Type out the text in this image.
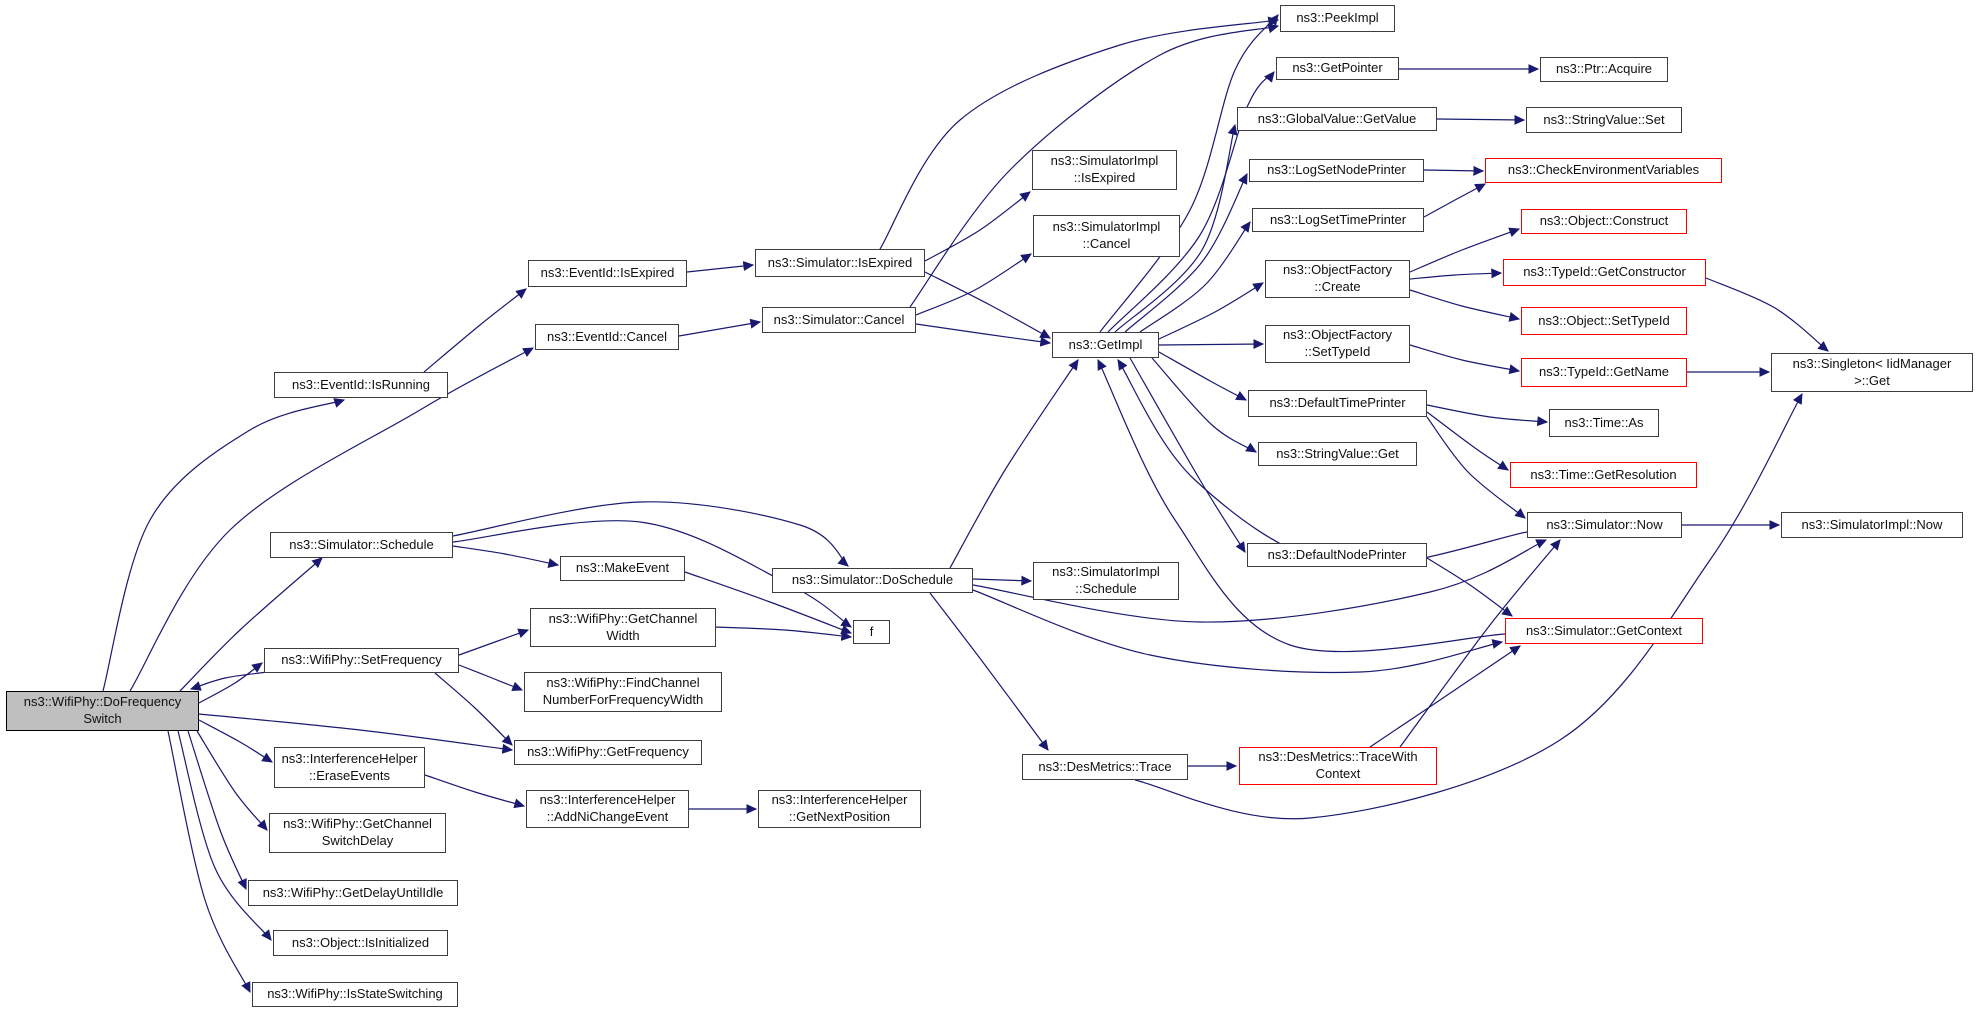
ns3::WifiPhy::DoFrequency
Switch
ns3::EventId::IsRunning
ns3::Simulator::Schedule
ns3::WifiPhy::SetFrequency
ns3::InterferenceHelper
::EraseEvents
ns3::WifiPhy::GetChannel
SwitchDelay
ns3::WifiPhy::GetDelayUntilIdle
ns3::Object::IsInitialized
ns3::WifiPhy::IsStateSwitching
ns3::EventId::IsExpired
ns3::EventId::Cancel
ns3::MakeEvent
ns3::WifiPhy::GetChannel
Width
ns3::WifiPhy::FindChannel
NumberForFrequencyWidth
ns3::WifiPhy::GetFrequency
ns3::InterferenceHelper
::AddNiChangeEvent
ns3::Simulator::IsExpired
ns3::Simulator::Cancel
ns3::Simulator::DoSchedule
f
ns3::InterferenceHelper
::GetNextPosition
ns3::SimulatorImpl
::IsExpired
ns3::SimulatorImpl
::Cancel
ns3::GetImpl
ns3::SimulatorImpl
::Schedule
ns3::DesMetrics::Trace
ns3::PeekImpl
ns3::GetPointer
ns3::GlobalValue::GetValue
ns3::LogSetNodePrinter
ns3::LogSetTimePrinter
ns3::ObjectFactory
::Create
ns3::ObjectFactory
::SetTypeId
ns3::DefaultTimePrinter
ns3::StringValue::Get
ns3::DefaultNodePrinter
ns3::DesMetrics::TraceWith
Context
ns3::Ptr::Acquire
ns3::StringValue::Set
ns3::CheckEnvironmentVariables
ns3::Object::Construct
ns3::TypeId::GetConstructor
ns3::Object::SetTypeId
ns3::TypeId::GetName
ns3::Time::As
ns3::Time::GetResolution
ns3::Simulator::Now
ns3::Simulator::GetContext
ns3::Singleton< IidManager
>::Get
ns3::SimulatorImpl::Now
